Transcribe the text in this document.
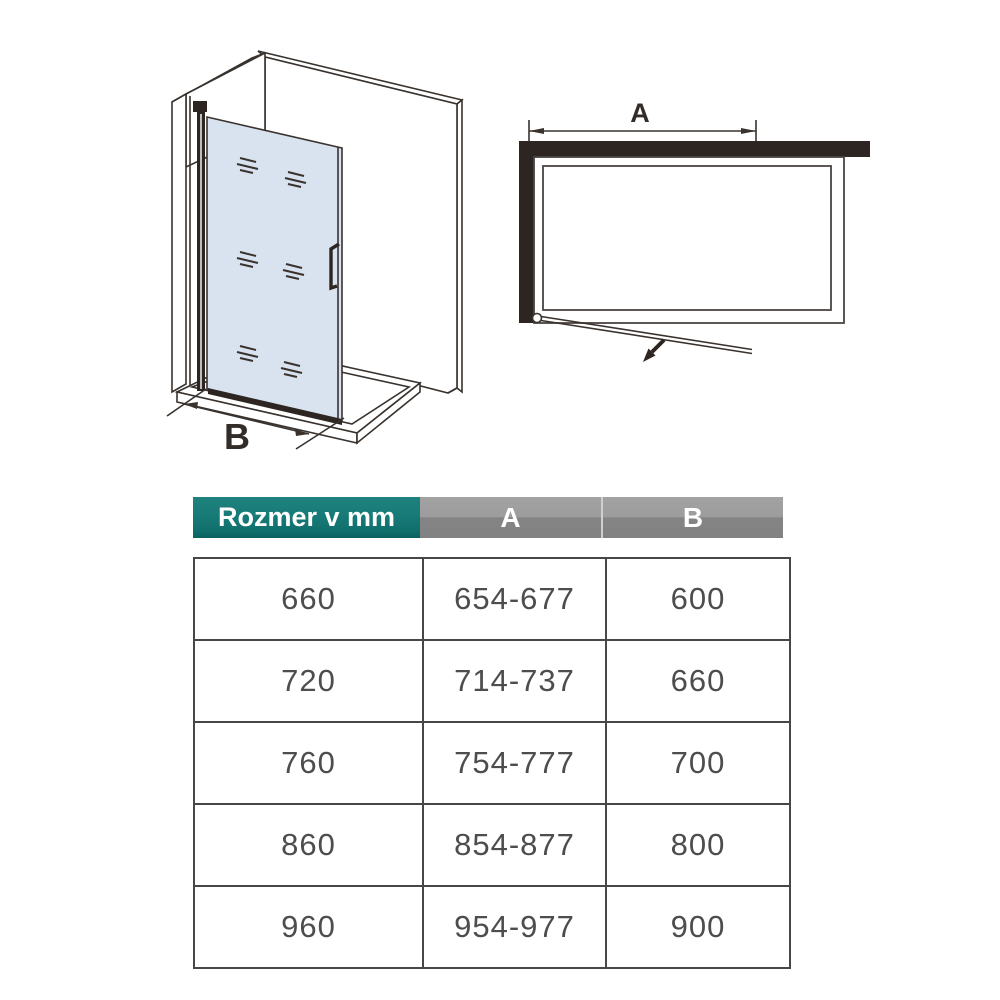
B
A
Rozmer v mm	A	B
660	654-677	600
720	714-737	660
760	754-777	700
860	854-877	800
960	954-977	900
